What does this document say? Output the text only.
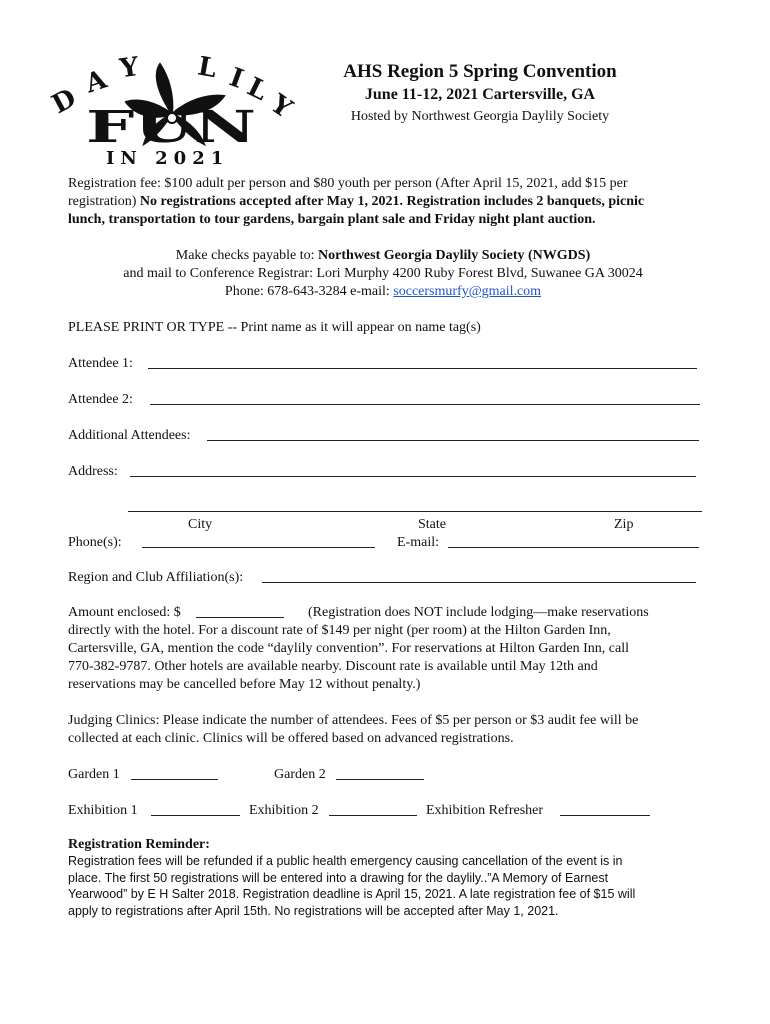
D
A Y L I
L
Y
FUN
IN 2021
AHS Region 5 Spring Convention
June 11-12, 2021 Cartersville, GA
Hosted by Northwest Georgia Daylily Society
Registration fee: $100 adult per person and $80 youth per person (After April 15, 2021, add $15 per
registration) No registrations accepted after May 1, 2021. Registration includes 2 banquets, picnic
lunch, transportation to tour gardens, bargain plant sale and Friday night plant auction.
Make checks payable to: Northwest Georgia Daylily Society (NWGDS)
and mail to Conference Registrar: Lori Murphy 4200 Ruby Forest Blvd, Suwanee GA 30024
Phone: 678-643-3284 e-mail: soccersmurfy@gmail.com
PLEASE PRINT OR TYPE -- Print name as it will appear on name tag(s)
Attendee 1:
Attendee 2:
Additional Attendees:
Address:
City	State	Zip
Phone(s):	E-mail:
Region and Club Affiliation(s):
Amount enclosed: $	(Registration does NOT include lodging—make reservations
directly with the hotel. For a discount rate of $149 per night (per room) at the Hilton Garden Inn,
Cartersville, GA, mention the code “daylily convention”. For reservations at Hilton Garden Inn, call
770-382-9787. Other hotels are available nearby. Discount rate is available until May 12th and
reservations may be cancelled before May 12 without penalty.)
Judging Clinics: Please indicate the number of attendees. Fees of $5 per person or $3 audit fee will be
collected at each clinic. Clinics will be offered based on advanced registrations.
Garden 1	Garden 2
Exhibition 1	Exhibition 2	Exhibition Refresher
Registration Reminder:
Registration fees will be refunded if a public health emergency causing cancellation of the event is in
place. The first 50 registrations will be entered into a drawing for the daylily..”A Memory of Earnest
Yearwood” by E H Salter 2018. Registration deadline is April 15, 2021. A late registration fee of $15 will
apply to registrations after April 15th. No registrations will be accepted after May 1, 2021.
